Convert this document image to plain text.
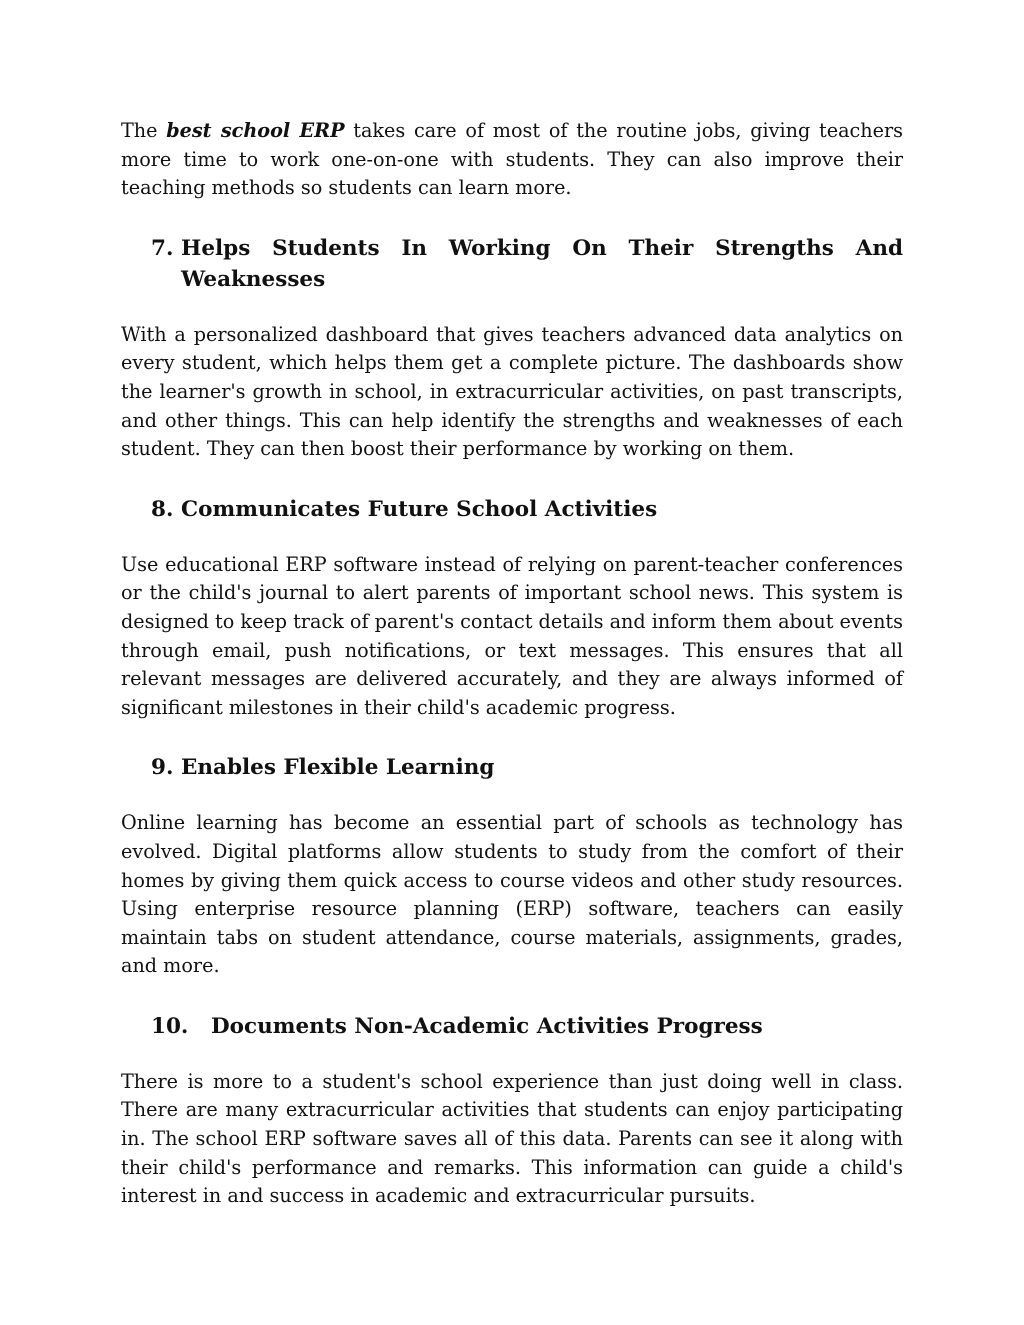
The best school ERP takes care of most of the routine jobs, giving teachers more time to work one-on-one with students. They can also improve their teaching methods so students can learn more.

7. Helps Students In Working On Their Strengths And Weaknesses

With a personalized dashboard that gives teachers advanced data analytics on every student, which helps them get a complete picture. The dashboards show the learner's growth in school, in extracurricular activities, on past transcripts, and other things. This can help identify the strengths and weaknesses of each student. They can then boost their performance by working on them.

8. Communicates Future School Activities

Use educational ERP software instead of relying on parent-teacher conferences or the child's journal to alert parents of important school news. This system is designed to keep track of parent's contact details and inform them about events through email, push notifications, or text messages. This ensures that all relevant messages are delivered accurately, and they are always informed of significant milestones in their child's academic progress.

9. Enables Flexible Learning

Online learning has become an essential part of schools as technology has evolved. Digital platforms allow students to study from the comfort of their homes by giving them quick access to course videos and other study resources. Using enterprise resource planning (ERP) software, teachers can easily maintain tabs on student attendance, course materials, assignments, grades, and more.

10.	Documents Non-Academic Activities Progress

There is more to a student's school experience than just doing well in class. There are many extracurricular activities that students can enjoy participating in. The school ERP software saves all of this data. Parents can see it along with their child's performance and remarks. This information can guide a child's interest in and success in academic and extracurricular pursuits.
